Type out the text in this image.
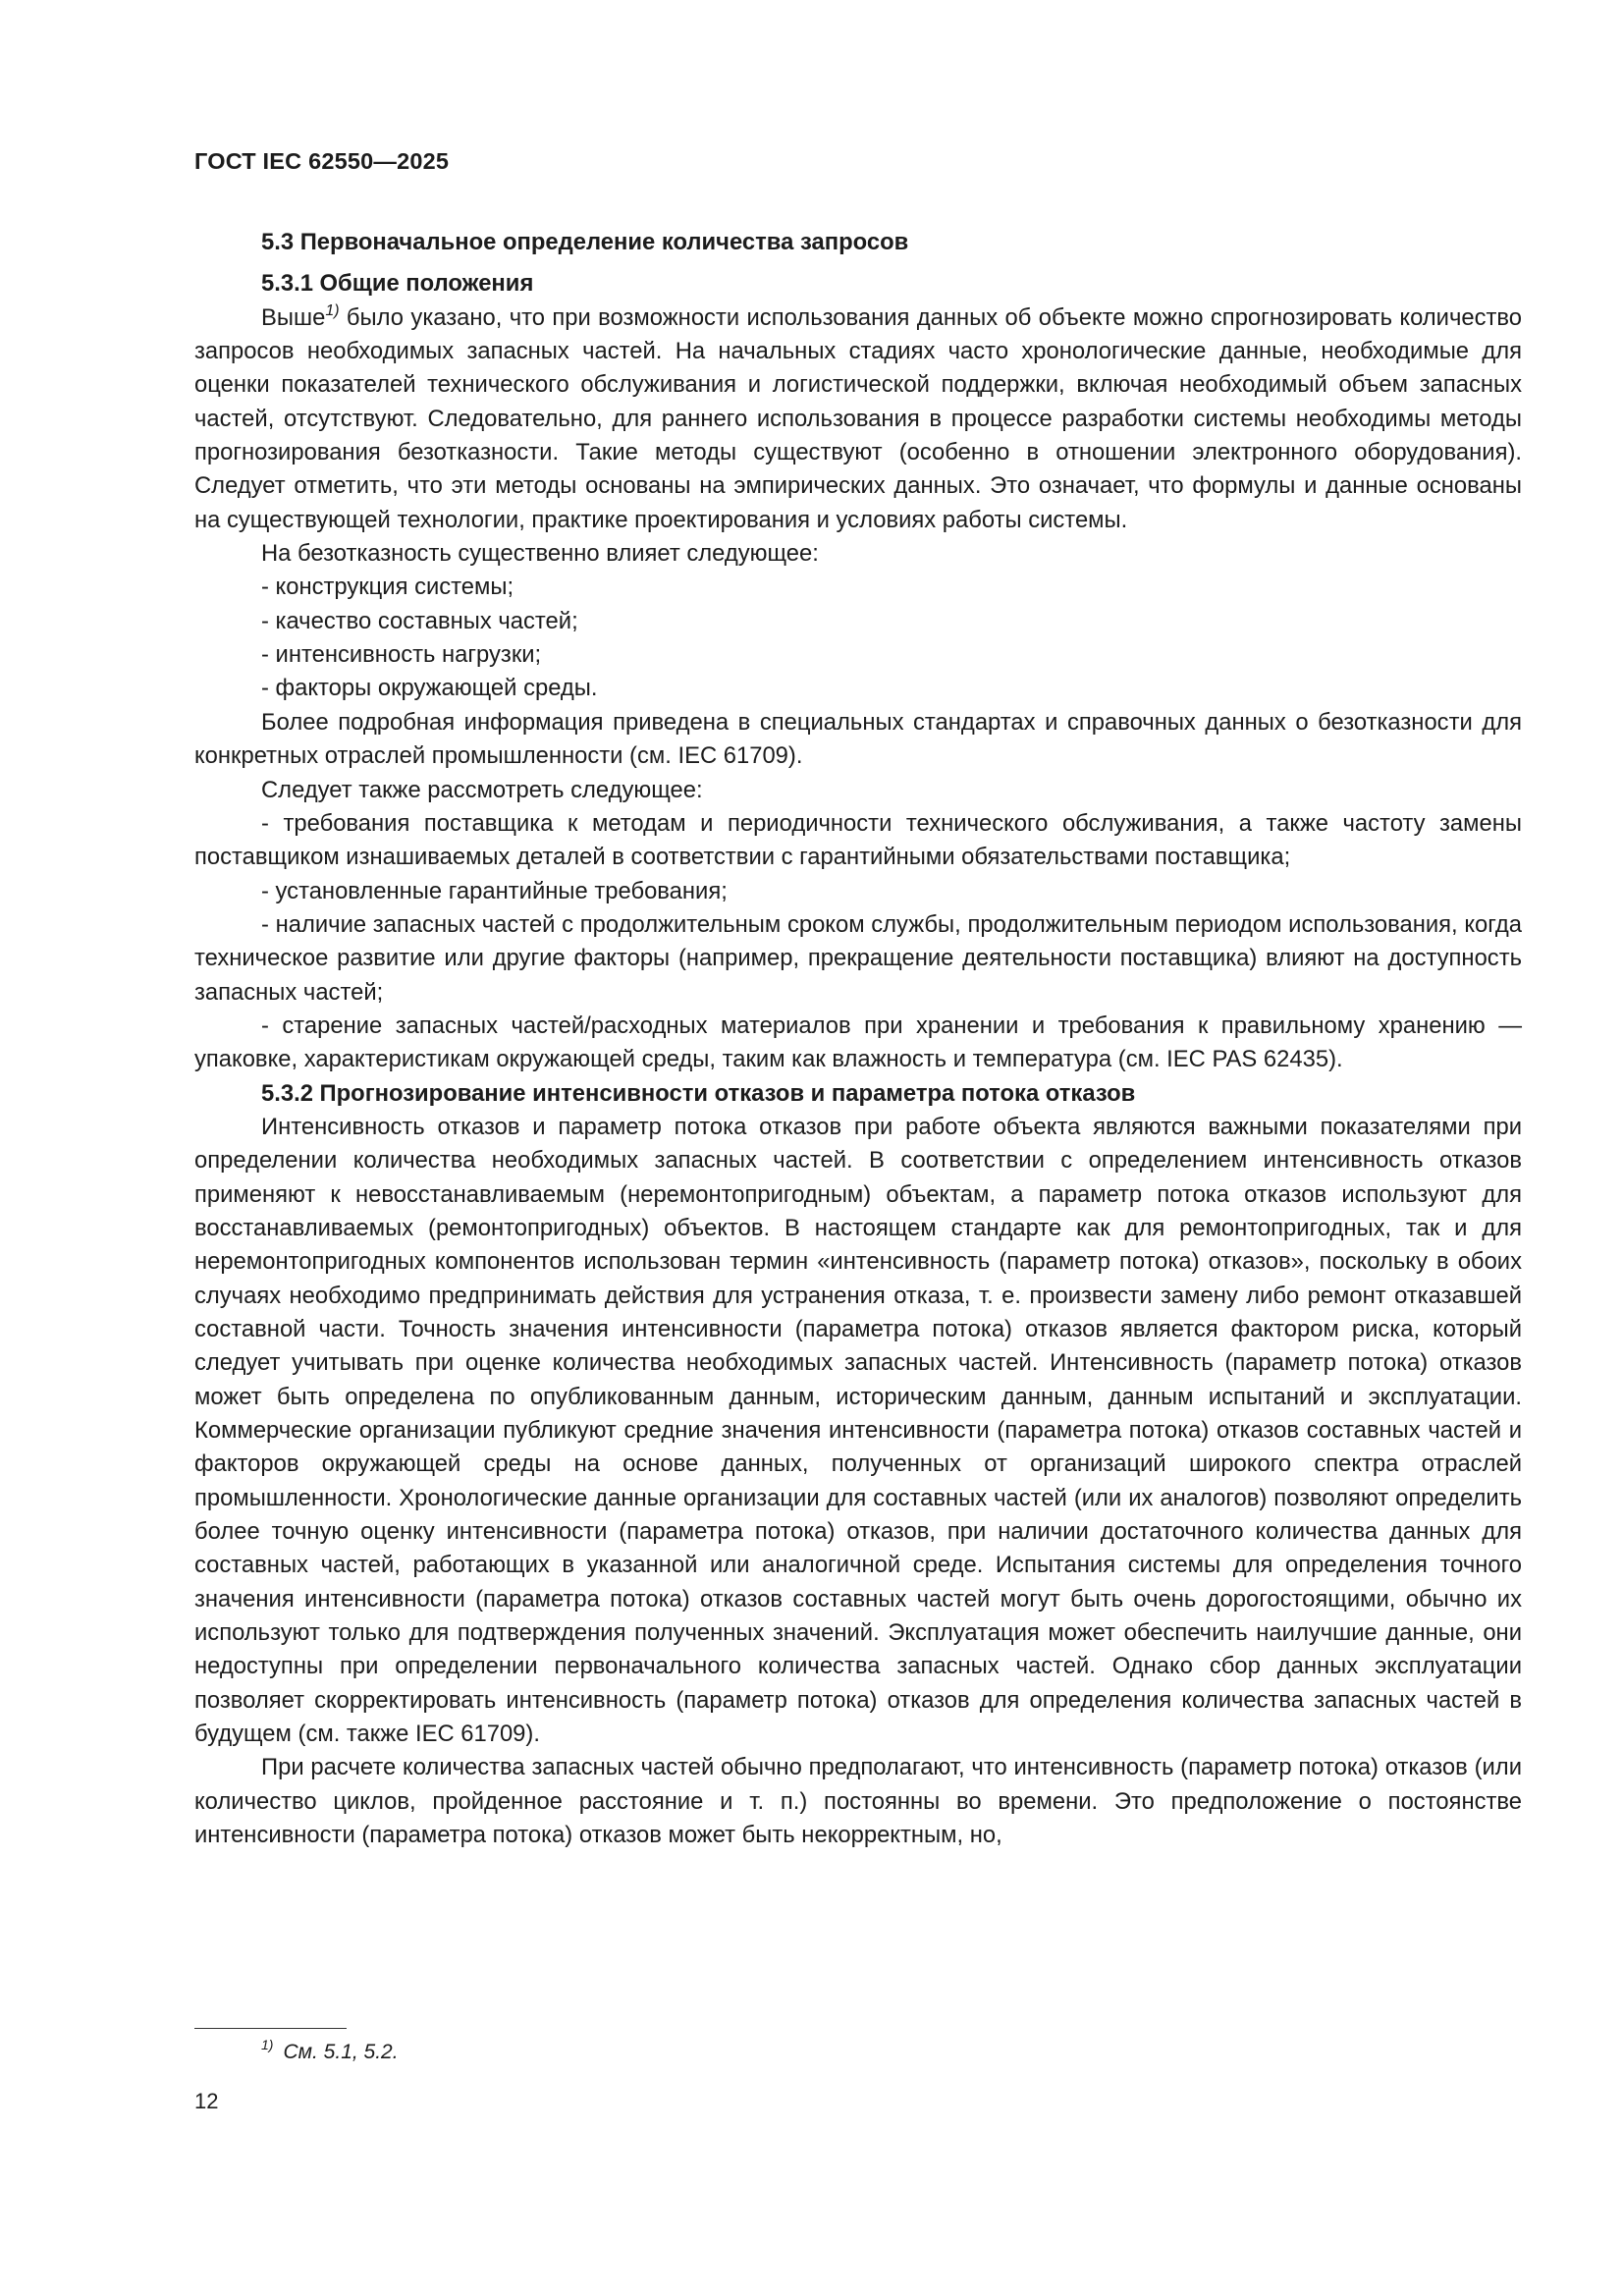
ГОСТ IEC 62550—2025

5.3 Первоначальное определение количества запросов

5.3.1 Общие положения

Выше$^{1)}$ было указано, что при возможности использования данных об объекте можно спрогнозировать количество запросов необходимых запасных частей. На начальных стадиях часто хронологические данные, необходимые для оценки показателей технического обслуживания и логистической поддержки, включая необходимый объем запасных частей, отсутствуют. Следовательно, для раннего использования в процессе разработки системы необходимы методы прогнозирования безотказности. Такие методы существуют (особенно в отношении электронного оборудования). Следует отметить, что эти методы основаны на эмпирических данных. Это означает, что формулы и данные основаны на существующей технологии, практике проектирования и условиях работы системы.

На безотказность существенно влияет следующее:

- конструкция системы;

- качество составных частей;

- интенсивность нагрузки;

- факторы окружающей среды.

Более подробная информация приведена в специальных стандартах и справочных данных о безотказности для конкретных отраслей промышленности (см. IEC 61709).

Следует также рассмотреть следующее:

- требования поставщика к методам и периодичности технического обслуживания, а также частоту замены поставщиком изнашиваемых деталей в соответствии с гарантийными обязательствами поставщика;

- установленные гарантийные требования;

- наличие запасных частей с продолжительным сроком службы, продолжительным периодом использования, когда техническое развитие или другие факторы (например, прекращение деятельности поставщика) влияют на доступность запасных частей;

- старение запасных частей/расходных материалов при хранении и требования к правильному хранению — упаковке, характеристикам окружающей среды, таким как влажность и температура (см. IEC PAS 62435).

5.3.2 Прогнозирование интенсивности отказов и параметра потока отказов

Интенсивность отказов и параметр потока отказов при работе объекта являются важными показателями при определении количества необходимых запасных частей. В соответствии с определением интенсивность отказов применяют к невосстанавливаемым (неремонтопригодным) объектам, а параметр потока отказов используют для восстанавливаемых (ремонтопригодных) объектов. В настоящем стандарте как для ремонтопригодных, так и для неремонтопригодных компонентов использован термин «интенсивность (параметр потока) отказов», поскольку в обоих случаях необходимо предпринимать действия для устранения отказа, т. е. произвести замену либо ремонт отказавшей составной части. Точность значения интенсивности (параметра потока) отказов является фактором риска, который следует учитывать при оценке количества необходимых запасных частей. Интенсивность (параметр потока) отказов может быть определена по опубликованным данным, историческим данным, данным испытаний и эксплуатации. Коммерческие организации публикуют средние значения интенсивности (параметра потока) отказов составных частей и факторов окружающей среды на основе данных, полученных от организаций широкого спектра отраслей промышленности. Хронологические данные организации для составных частей (или их аналогов) позволяют определить более точную оценку интенсивности (параметра потока) отказов, при наличии достаточного количества данных для составных частей, работающих в указанной или аналогичной среде. Испытания системы для определения точного значения интенсивности (параметра потока) отказов составных частей могут быть очень дорогостоящими, обычно их используют только для подтверждения полученных значений. Эксплуатация может обеспечить наилучшие данные, они недоступны при определении первоначального количества запасных частей. Однако сбор данных эксплуатации позволяет скорректировать интенсивность (параметр потока) отказов для определения количества запасных частей в будущем (см. также IEC 61709).

При расчете количества запасных частей обычно предполагают, что интенсивность (параметр потока) отказов (или количество циклов, пройденное расстояние и т. п.) постоянны во времени. Это предположение о постоянстве интенсивности (параметра потока) отказов может быть некорректным, но,

$^{1)}$ См. 5.1, 5.2.
12
